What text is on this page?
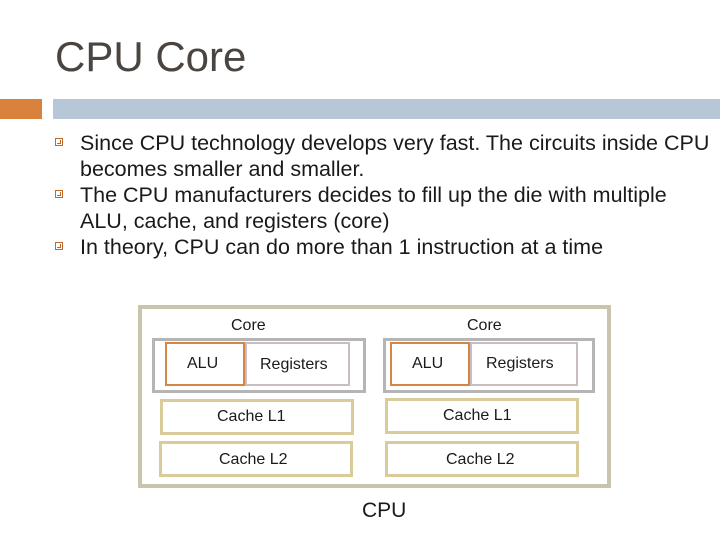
CPU Core
Since CPU technology develops very fast. The circuits inside CPU becomes smaller and smaller.
The CPU manufacturers decides to fill up the die with multiple ALU, cache, and registers (core)
In theory, CPU can do more than 1 instruction at a time
Core
ALU	Registers
Cache L1
Cache L2
Core
ALU	Registers
Cache L1
Cache L2
CPU
